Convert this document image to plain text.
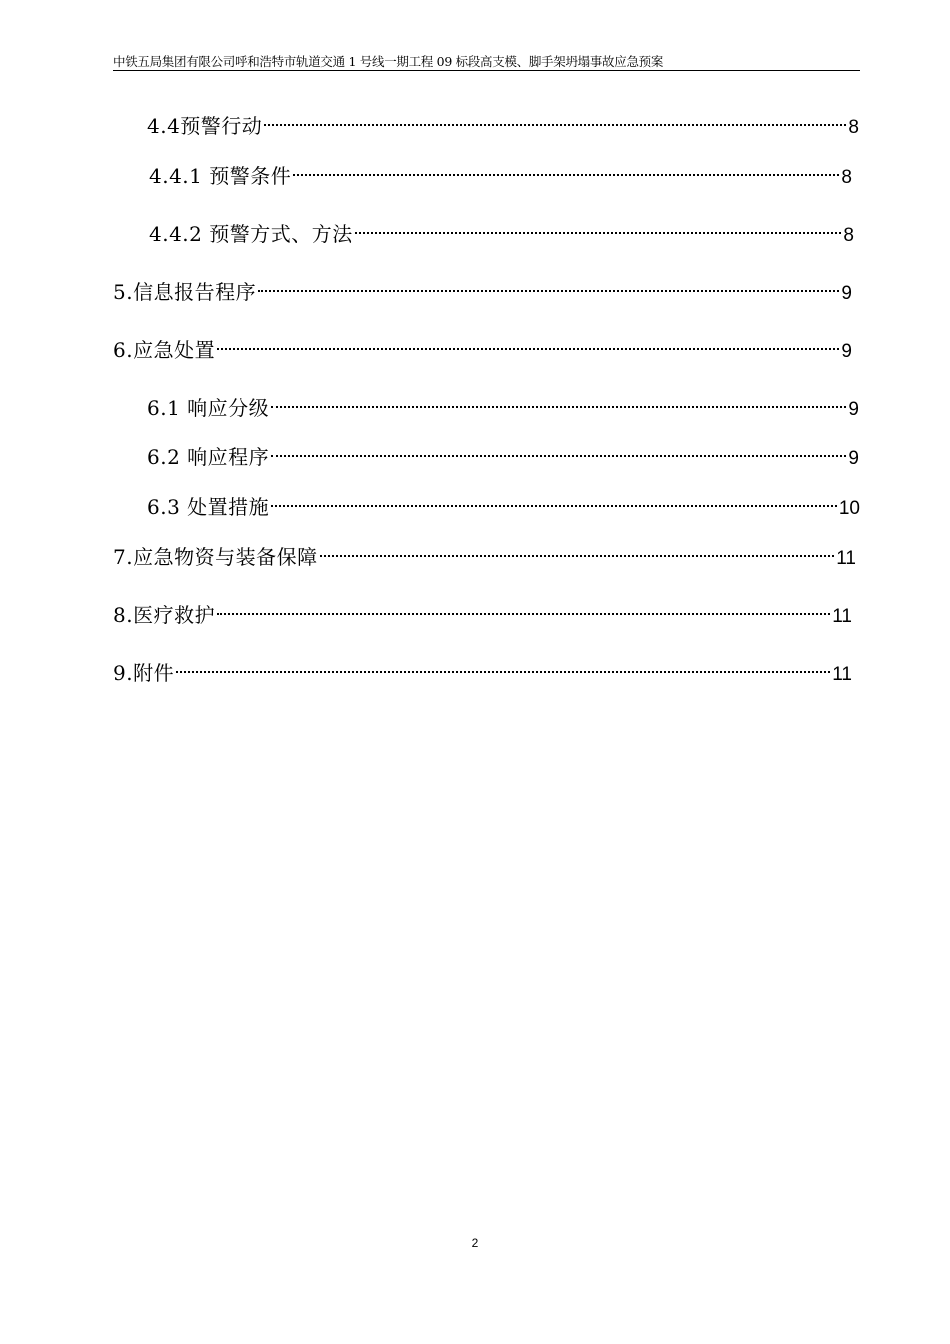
中铁五局集团有限公司呼和浩特市轨道交通 1 号线一期工程 09 标段高支模、脚手架坍塌事故应急预案
4.4预警行动	8
4.4.1 预警条件	8
4.4.2 预警方式、方法	8
5.信息报告程序	9
6.应急处置	9
6.1 响应分级	9
6.2 响应程序	9
6.3 处置措施	10
7.应急物资与装备保障	11
8.医疗救护	11
9.附件	11
2
